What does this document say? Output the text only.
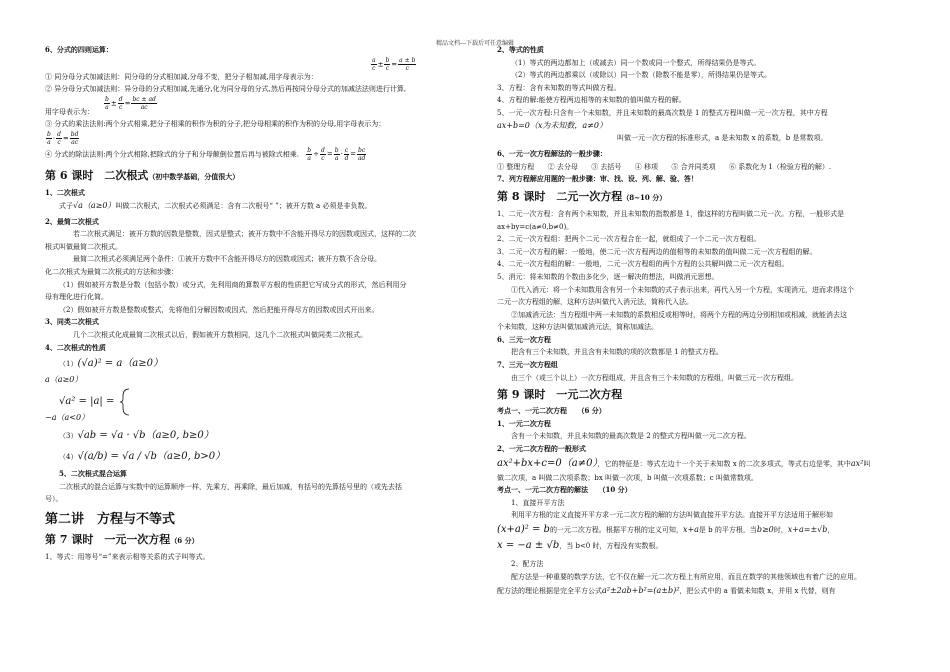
精品文档---下载后可任意编辑
6、分式的四则运算：
$\frac{a}{c} \pm \frac{b}{c} = \frac{a \pm b}{c}$
① 同分母分式加减法则：同分母的分式相加减,分母不变，把分子相加减,用字母表示为：
② 异分母分式加减法则：异分母的分式相加减,先通分,化为同分母的分式,然后再按同分母分式的加减法法则进行计算,
$\frac{b}{a} \pm \frac{d}{c} = \frac{bc \pm ad}{ac}$
用字母表示为：
③ 分式的乘法法则:两个分式相乘,把分子相乘的积作为积的分子,把分母相乘的积作为积的分母,用字母表示为：
$\frac{b}{a} \cdot \frac{d}{c} = \frac{bd}{ac}$
④ 分式的除法法则:两个分式相除,把除式的分子和分母颠倒位置后再与被除式相乘. $\frac{b}{a} \div \frac{d}{c} = \frac{b}{a} \cdot \frac{c}{d} = \frac{bc}{ad}$
第 6 课时　二次根式（初中数学基础，分值很大）
1、二次根式
式子√a（a≥0）叫做二次根式，二次根式必须满足：含有二次根号“ ”；被开方数 a 必须是非负数。
2、最简二次根式
若二次根式满足：被开方数的因数是整数，因式是整式；被开方数中不含能开得尽方的因数或因式，这样的二次
根式叫做最简二次根式。
最简二次根式必须满足两个条件：①被开方数中不含能开得尽方的因数或因式；被开方数不含分母。
化二次根式为最简二次根式的方法和步骤：
（1）假如被开方数是分数（包括小数）或分式，先利用商的算数平方根的性质把它写成分式的形式，然后利用分
母有理化进行化简。
（2）假如被开方数是整数或整式，先将他们分解因数或因式，然后把能开得尽方的因数或因式开出来。
3、同类二次根式
几个二次根式化成最简二次根式以后，假如被开方数相同，这几个二次根式叫做同类二次根式。
4、二次根式的性质
（1）(√a)² = a（a≥0）
a（a≥0）
√a² = |a| =
−a（a<0）
（3）√ab = √a · √b（a≥0, b≥0）
（4）√(a/b) = √a / √b（a≥0, b>0）
5、二次根式混合运算
二次根式的混合运算与实数中的运算顺序一样，先乘方，再乘除，最后加减，有括号的先算括号里的（或先去括
号）。
第二讲　方程与不等式
第 7 课时　一元一次方程（6 分）
1、等式：用等号“=”来表示相等关系的式子叫等式。
2、等式的性质
（1）等式的两边都加上（或减去）同一个数或同一个整式，所得结果仍是等式。
（2）等式的两边都乘以（或除以）同一个数（除数不能是零），所得结果仍是等式。
3、方程：含有未知数的等式叫做方程。
4、方程的解:能使方程两边相等的未知数的值叫做方程的解。
5、一元一次方程:只含有一个未知数，并且未知数的最高次数是 1 的整式方程叫做一元一次方程，其中方程
ax+b=0（x为未知数，a≠0）
叫做一元一次方程的标准形式，a 是未知数 x 的系数，b 是常数项。
6、一元一次方程解法的一般步骤：
① 整理方程 ② 去分母 ③ 去括号 ④ 移项 ⑤ 合并同类项 ⑥ 系数化为 1（检验方程的解）.
7、列方程解应用题的一般步骤：审、找、设、列、解、验、答！
第 8 课时　二元一次方程（8~10 分）
1、二元一次方程：含有两个未知数，并且未知数的指数都是 1，像这样的方程叫做二元一次。方程，一般形式是
ax+by=c(a≠0,b≠0)。
2、二元一次方程组：把两个二元一次方程合在一起，就组成了一个二元一次方程组。
3、二元一次方程的解：一般地，使二元一次方程两边的值相等的未知数的值叫做二元一次方程组的解。
4、二元一次方程组的解：一般地，二元一次方程组的两个方程的公共解叫做二元一次方程组。
5、消元：将未知数的个数由多化少，逐一解决的想法，叫做消元思想。
①代入消元：将一个未知数用含有另一个未知数的式子表示出来，再代入另一个方程，实现消元，进而求得这个
二元一次方程组的解，这种方法叫做代入消元法，简称代入法。
②加减消元法：当方程组中两一未知数的系数相反或相等时，将两个方程的两边分别相加或相减，就能消去这
个未知数，这种方法叫做加减消元法，简称加减法。
6、三元一次方程
把含有三个未知数，并且含有未知数的项的次数都是 1 的整式方程。
7、三元一次方程组
由三个（或三个以上）一次方程组成，并且含有三个未知数的方程组，叫做三元一次方程组。
第 9 课时　一元二次方程
考点一、一元二次方程　　（6 分）
1、一元二次方程
含有一个未知数，并且未知数的最高次数是 2 的整式方程叫做一元二次方程。
2、一元二次方程的一般形式
ax²+bx+c=0（a≠0），它的特征是：等式左边十一个关于未知数 x 的二次多项式，等式右边是零，其中ax²叫
做二次项，a 叫做二次项系数；bx 叫做一次项，b 叫做一次项系数；c 叫做常数项。
考点一、一元二次方程的解法　　（10 分）
1、直接开平方法
利用平方根的定义直接开平方求一元二次方程的解的方法叫做直接开平方法。直接开平方法适用于解形如
(x+a)² = b的一元二次方程。根据平方根的定义可知，x+a是 b 的平方根，当b≥0时，x+a=±√b，
x = −a ± √b，当 b<0 时，方程没有实数根。
2、配方法
配方法是一种重要的数学方法，它不仅在解一元二次方程上有所应用，而且在数学的其他领域也有着广泛的应用。
配方法的理论根据是完全平方公式a²±2ab+b²=(a±b)²，把公式中的 a 看做未知数 x，并用 x 代替，则有
